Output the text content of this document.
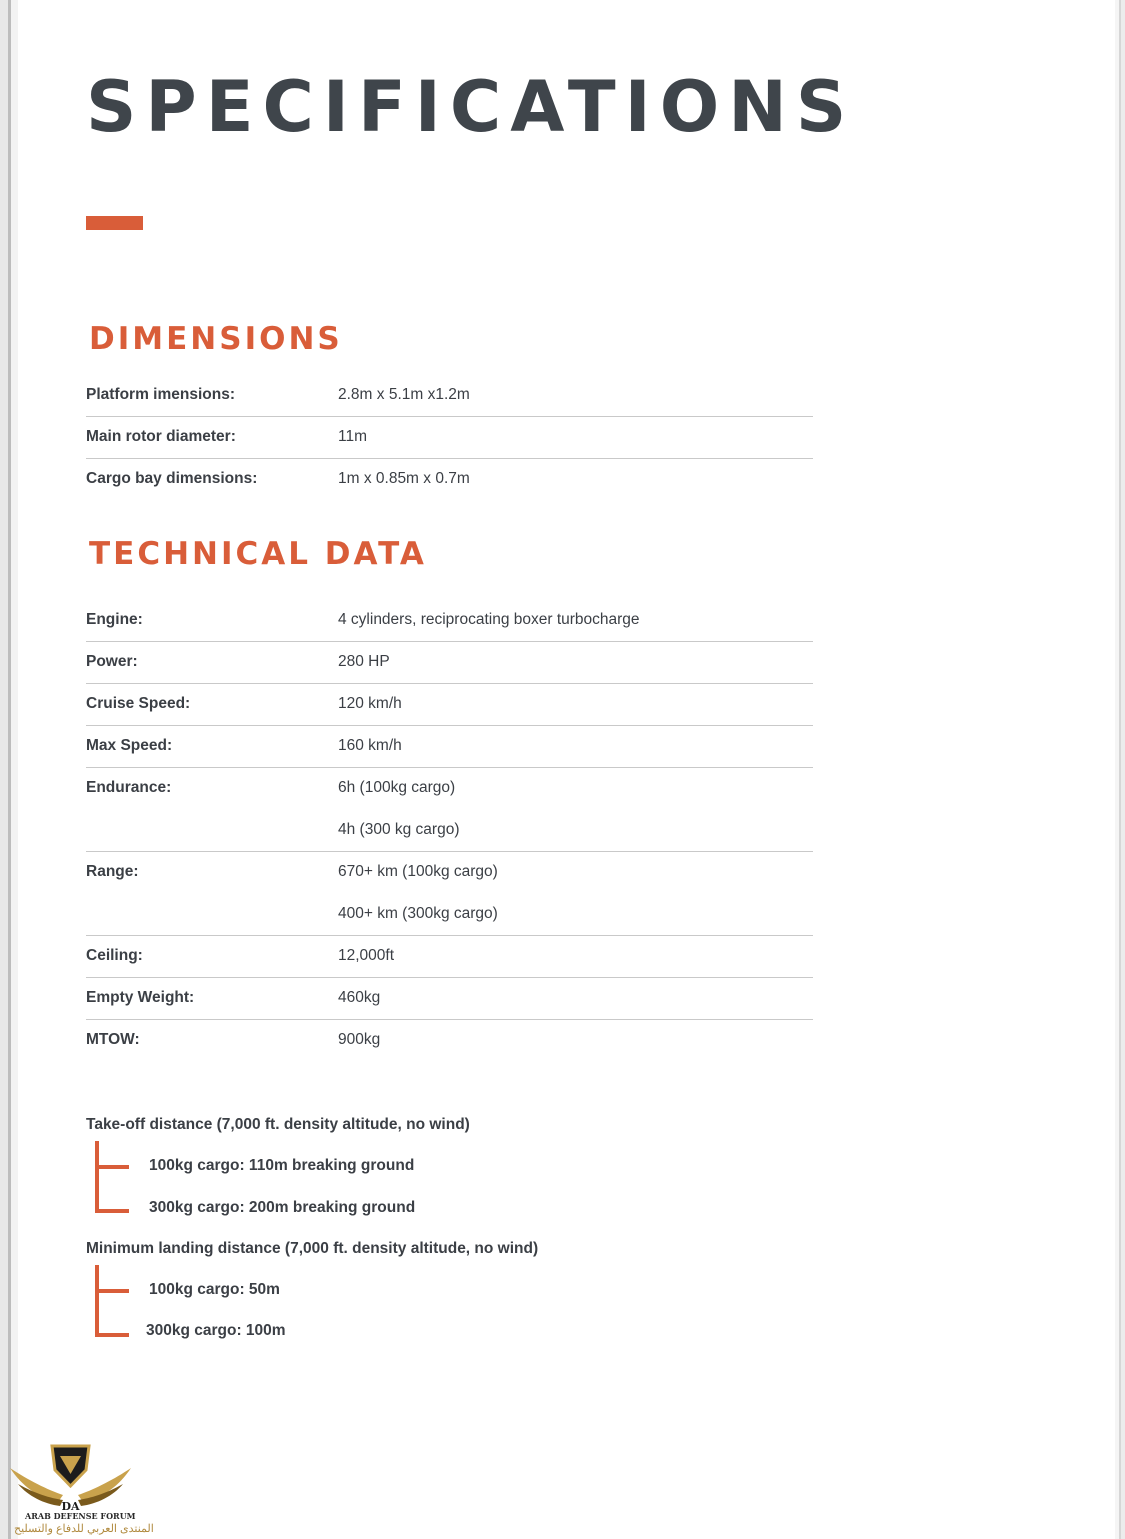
SPECIFICATIONS
DIMENSIONS
Platform imensions:	2.8m x 5.1m x1.2m
Main rotor diameter:	11m
Cargo bay dimensions:	1m x 0.85m x 0.7m
TECHNICAL DATA
Engine:	4 cylinders, reciprocating boxer turbocharge
Power:	280 HP
Cruise Speed:	120 km/h
Max Speed:	160 km/h
Endurance:	6h (100kg cargo)
4h (300 kg cargo)
Range:	670+ km (100kg cargo)
400+ km (300kg cargo)
Ceiling:	12,000ft
Empty Weight:	460kg
MTOW:	900kg
Take-off distance (7,000 ft. density altitude, no wind)
100kg cargo: 110m breaking ground
300kg cargo: 200m breaking ground
Minimum landing distance (7,000 ft. density altitude, no wind)
100kg cargo: 50m
300kg cargo: 100m
DA
ARAB DEFENSE FORUM
المنتدى العربي للدفاع والتسليح
